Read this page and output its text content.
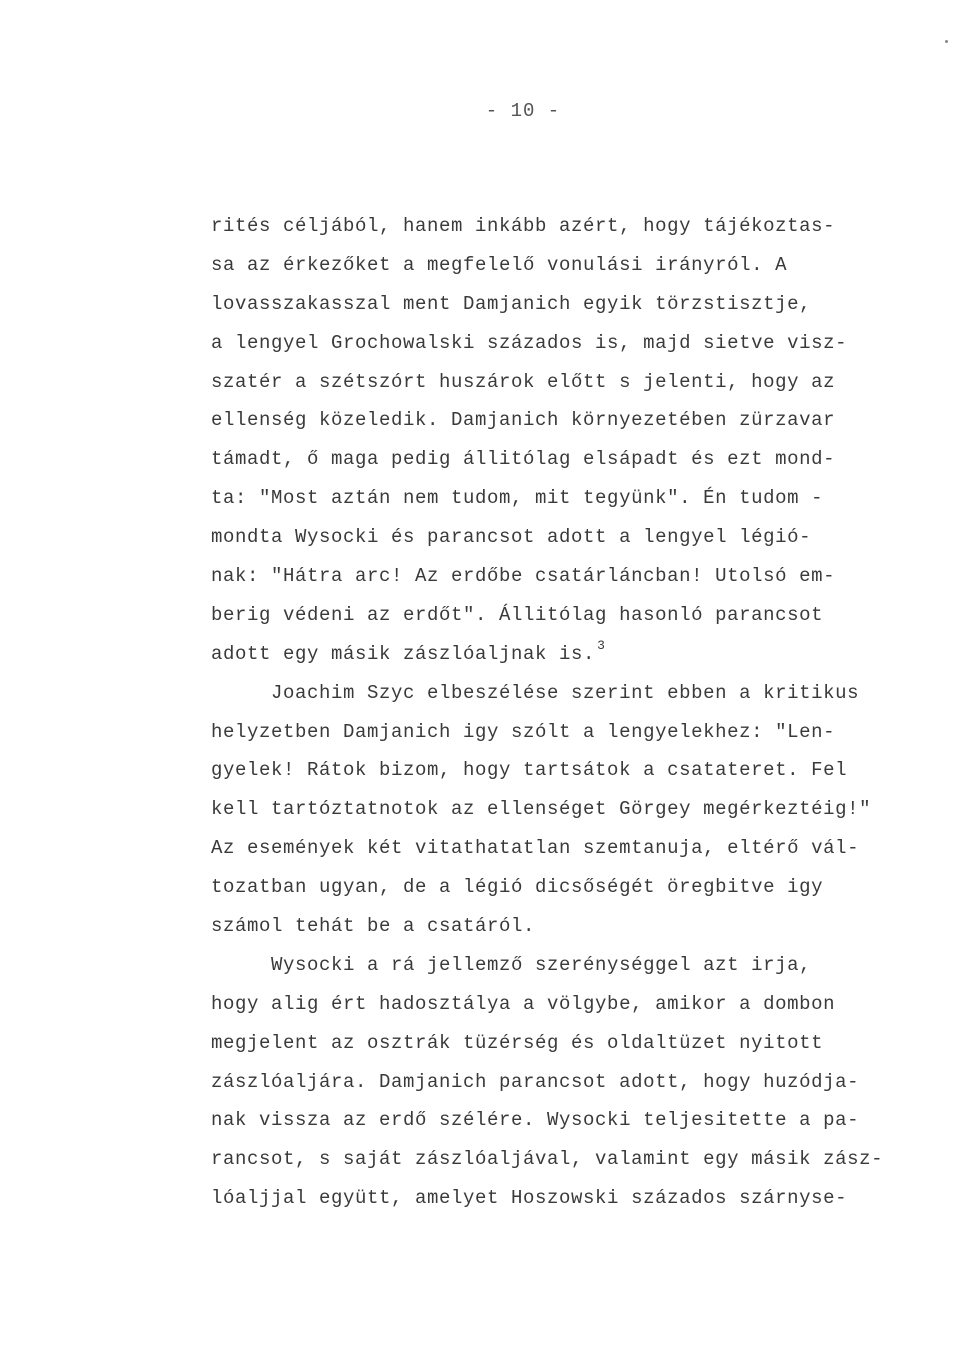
- 10 -
rités céljából, hanem inkább azért, hogy tájékoztas-
sa az érkezőket a megfelelő vonulási irányról. A
lovasszakasszal ment Damjanich egyik törzstisztje,
a lengyel Grochowalski százados is, majd sietve visz-
szatér a szétszórt huszárok előtt s jelenti, hogy az
ellenség közeledik. Damjanich környezetében zürzavar
támadt, ő maga pedig állitólag elsápadt és ezt mond-
ta: "Most aztán nem tudom, mit tegyünk". Én tudom -
mondta Wysocki és parancsot adott a lengyel légió-
nak: "Hátra arc! Az erdőbe csatárláncban! Utolsó em-
berig védeni az erdőt". Állitólag hasonló parancsot
adott egy másik zászlóaljnak is. $^3$
Joachim Szyc elbeszélése szerint ebben a kritikus
helyzetben Damjanich igy szólt a lengyelekhez: "Len-
gyelek! Rátok bizom, hogy tartsátok a csatateret. Fel
kell tartóztatnotok az ellenséget Görgey megérkeztéig!"
Az események két vitathatatlan szemtanuja, eltérő vál-
tozatban ugyan, de a légió dicsőségét öregbitve igy
számol tehát be a csatáról.
Wysocki a rá jellemző szerénységgel azt irja,
hogy alig ért hadosztálya a völgybe, amikor a dombon
megjelent az osztrák tüzérség és oldaltüzet nyitott
zászlóaljára. Damjanich parancsot adott, hogy huzódja-
nak vissza az erdő szélére. Wysocki teljesitette a pa-
rancsot, s saját zászlóaljával, valamint egy másik zász-
lóaljjal együtt, amelyet Hoszowski százados szárnyse-
